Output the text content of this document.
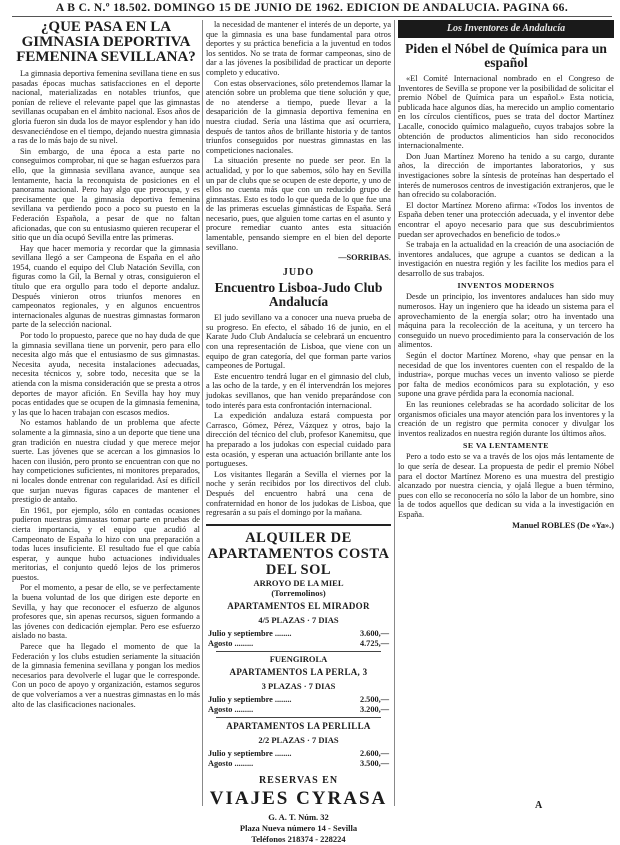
A B C. N.º 18.502. DOMINGO 15 DE JUNIO DE 1962. EDICION DE ANDALUCIA. PAGINA 66.
¿QUE PASA EN LA GIMNASIA DEPORTIVA FEMENINA SEVILLANA?

La gimnasia deportiva femenina sevillana tiene en sus pasadas épocas muchas satisfacciones en el deporte nacional, materializadas en notables triunfos, que ponían de relieve el relevante papel que las gimnastas sevillanas ocupaban en el ámbito nacional. Esos años de gloria fueron sin duda los de mayor esplendor y han ido desvaneciéndose en el tiempo, dejando nuestra gimnasia a ras de lo más bajo de su nivel.

Sin embargo, de una época a esta parte no conseguimos comprobar, ni que se hagan esfuerzos para ello, que la gimnasia sevillana avance, aunque sea lentamente, hacia la reconquista de posiciones en el panorama nacional. Pero hay algo que preocupa, y es precisamente que la gimnasia deportiva femenina sevillana va perdiendo poco a poco su puesto en la Federación Española, a pesar de que no faltan aficionadas, que con su entusiasmo quieren recuperar el sitio que un día ocupó Sevilla entre las primeras.

Hay que hacer memoria y recordar que la gimnasia sevillana llegó a ser Campeona de España en el año 1954, cuando el equipo del Club Natación Sevilla, con figuras como la Gil, la Bernal y otras, consiguieron el título que era orgullo para todo el deporte andaluz. Después vinieron otros triunfos menores en campeonatos regionales, y en algunos encuentros internacionales algunas de nuestras gimnastas formaron parte de la selección nacional.

Por todo lo propuesto, parece que no hay duda de que la gimnasia sevillana tiene un porvenir, pero para ello necesita algo más que el entusiasmo de sus gimnastas. Necesita ayuda, necesita instalaciones adecuadas, necesita técnicos y, sobre todo, necesita que se la atienda con la misma consideración que se presta a otros deportes de mayor afición. En Sevilla hay hoy muy pocas entidades que se ocupen de la gimnasia femenina, y las que lo hacen trabajan con escasos medios.

No estamos hablando de un problema que afecte solamente a la gimnasia, sino a un deporte que tiene una gran tradición en nuestra ciudad y que merece mejor suerte. Las jóvenes que se acercan a los gimnasios lo hacen con ilusión, pero pronto se encuentran con que no hay competiciones suficientes, ni monitores preparados, ni locales donde entrenar con regularidad. Así es difícil que surjan nuevas figuras capaces de mantener el prestigio de antaño.

En 1961, por ejemplo, sólo en contadas ocasiones pudieron nuestras gimnastas tomar parte en pruebas de cierta importancia, y el equipo que acudió al Campeonato de España lo hizo con una preparación a todas luces insuficiente. El resultado fue el que cabía esperar, y aunque hubo actuaciones individuales meritorias, el conjunto quedó lejos de los primeros puestos.

Por el momento, a pesar de ello, se ve perfectamente la buena voluntad de los que dirigen este deporte en Sevilla, y hay que reconocer el esfuerzo de algunos profesores que, sin apenas recursos, siguen formando a las jóvenes con dedicación ejemplar. Pero ese esfuerzo aislado no basta.

Parece que ha llegado el momento de que la Federación y los clubs estudien seriamente la situación de la gimnasia femenina sevillana y pongan los medios necesarios para devolverle el lugar que le corresponde. Con un poco de apoyo y organización, estamos seguros de que volveríamos a ver a nuestras gimnastas en lo más alto de las clasificaciones nacionales.

la necesidad de mantener el interés de un deporte, ya que la gimnasia es una base fundamental para otros deportes y su práctica beneficia a la juventud en todos los sentidos. No se trata de formar campeonas, sino de dar a las jóvenes la posibilidad de practicar un deporte completo y educativo.

Con estas observaciones, sólo pretendemos llamar la atención sobre un problema que tiene solución y que, de no atenderse a tiempo, puede llevar a la desaparición de la gimnasia deportiva femenina en nuestra ciudad. Sería una lástima que así ocurriera, después de tantos años de brillante historia y de tantos triunfos conseguidos por nuestras gimnastas en las competiciones nacionales.

La situación presente no puede ser peor. En la actualidad, y por lo que sabemos, sólo hay en Sevilla un par de clubs que se ocupen de este deporte, y uno de ellos no cuenta más que con un reducido grupo de gimnastas. Esto es todo lo que queda de lo que fue una de las primeras escuelas gimnásticas de España. Será necesario, pues, que alguien tome cartas en el asunto y procure remediar cuanto antes esta situación lamentable, pensando siempre en el bien del deporte sevillano.

—SORRIBAS.
JUDO
Encuentro Lisboa-Judo Club Andalucía

El judo sevillano va a conocer una nueva prueba de su progreso. En efecto, el sábado 16 de junio, en el Karate Judo Club Andalucía se celebrará un encuentro con una representación de Lisboa, que viene con un equipo de gran categoría, del que forman parte varios campeones de Portugal.

Este encuentro tendrá lugar en el gimnasio del club, a las ocho de la tarde, y en él intervendrán los mejores judokas sevillanos, que han venido preparándose con todo interés para esta confrontación internacional.

La expedición andaluza estará compuesta por Carrasco, Gómez, Pérez, Vázquez y otros, bajo la dirección del técnico del club, profesor Kanemitsu, que ha preparado a los judokas con especial cuidado para esta ocasión, y esperan una actuación brillante ante los portugueses.

Los visitantes llegarán a Sevilla el viernes por la noche y serán recibidos por los directivos del club. Después del encuentro habrá una cena de confraternidad en honor de los judokas de Lisboa, que regresarán a su país el domingo por la mañana.

ALQUILER DE APARTAMENTOS COSTA DEL SOL
ARROYO DE LA MIEL
(Torremolinos)
APARTAMENTOS EL MIRADOR
4/5 PLAZAS · 7 DIAS
Julio y septiembre ........	3.600,—
Agosto .........	4.725,—
FUENGIROLA
APARTAMENTOS LA PERLA, 3
3 PLAZAS · 7 DIAS
Julio y septiembre ........	2.500,—
Agosto .........	3.200,—
APARTAMENTOS LA PERLILLA
2/2 PLAZAS · 7 DIAS
Julio y septiembre ........	2.600,—
Agosto .........	3.500,—
RESERVAS EN
VIAJES CYRASA
G. A. T. Núm. 32
Plaza Nueva número 14 - Sevilla
Teléfonos 218374 - 228224
Los Inventores de Andalucía
Piden el Nóbel de Química para un español

«El Comité Internacional nombrado en el Congreso de Inventores de Sevilla se propone ver la posibilidad de solicitar el premio Nóbel de Química para un español.» Esta noticia, publicada hace algunos días, ha merecido un amplio comentario en los círculos científicos, pues se trata del doctor Martínez Lacalle, conocido químico malagueño, cuyos trabajos sobre la obtención de productos alimenticios han sido reconocidos internacionalmente.

Don Juan Martínez Moreno ha tenido a su cargo, durante años, la dirección de importantes laboratorios, y sus investigaciones sobre la síntesis de proteínas han despertado el interés de numerosos centros de investigación extranjeros, que le han ofrecido su colaboración.

El doctor Martínez Moreno afirma: «Todos los inventos de España deben tener una protección adecuada, y el inventor debe encontrar el apoyo necesario para que sus descubrimientos puedan ser aprovechados en beneficio de todos.»

Se trabaja en la actualidad en la creación de una asociación de inventores andaluces, que agrupe a cuantos se dedican a la investigación en nuestra región y les facilite los medios para el desarrollo de sus trabajos.

INVENTOS MODERNOS

Desde un principio, los inventores andaluces han sido muy numerosos. Hay un ingeniero que ha ideado un sistema para el aprovechamiento de la energía solar; otro ha inventado una máquina para la recolección de la aceituna, y un tercero ha conseguido un nuevo procedimiento para la conservación de los alimentos.

Según el doctor Martínez Moreno, «hay que pensar en la necesidad de que los inventores cuenten con el respaldo de la industria», porque muchas veces un invento valioso se pierde por falta de medios económicos para su explotación, y eso supone una grave pérdida para la economía nacional.

En las reuniones celebradas se ha acordado solicitar de los organismos oficiales una mayor atención para los inventores y la creación de un registro que permita conocer y divulgar los inventos realizados en nuestra región durante los últimos años.

SE VA LENTAMENTE

Pero a todo esto se va a través de los ojos más lentamente de lo que sería de desear. La propuesta de pedir el premio Nóbel para el doctor Martínez Moreno es una muestra del prestigio alcanzado por nuestra ciencia, y ojalá llegue a buen término, pues con ello se reconocería no sólo la labor de un hombre, sino la de todos aquellos que dedican su vida a la investigación en España.

Manuel ROBLES (De «Ya».)
A
